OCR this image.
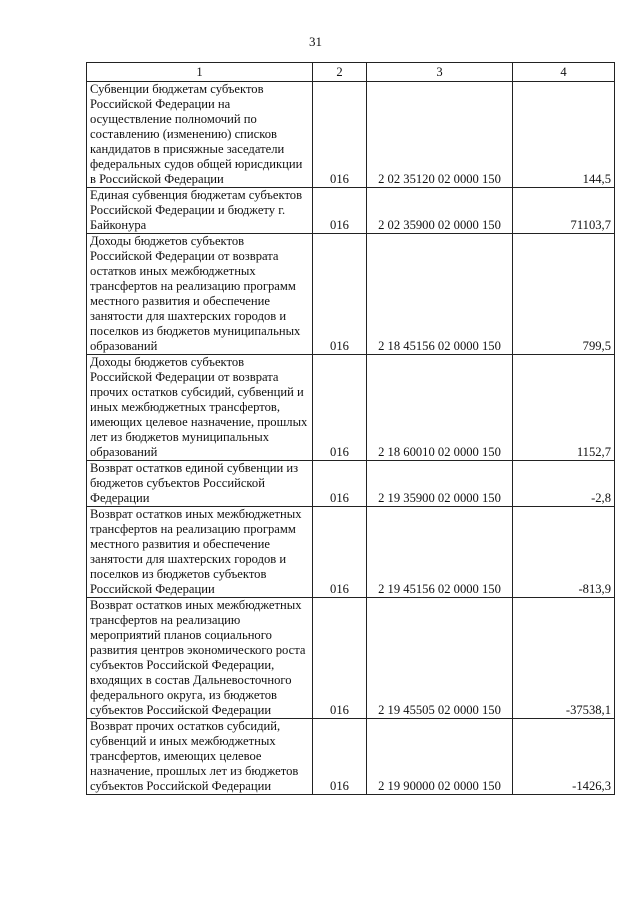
31
1	2	3	4
Субвенции бюджетам субъектов Российской Федерации на осуществление полномочий по составлению (изменению) списков кандидатов в присяжные заседатели федеральных судов общей юрисдикции в Российской Федерации	016	2 02 35120 02 0000 150	144,5
Единая субвенция бюджетам субъектов Российской Федерации и бюджету г. Байконура	016	2 02 35900 02 0000 150	71103,7
Доходы бюджетов субъектов Российской Федерации от возврата остатков иных межбюджетных трансфертов на реализацию программ местного развития и обеспечение занятости для шахтерских городов и поселков из бюджетов муниципальных образований	016	2 18 45156 02 0000 150	799,5
Доходы бюджетов субъектов Российской Федерации от возврата прочих остатков субсидий, субвенций и иных межбюджетных трансфертов, имеющих целевое назначение, прошлых лет из бюджетов муниципальных образований	016	2 18 60010 02 0000 150	1152,7
Возврат остатков единой субвенции из бюджетов субъектов Российской Федерации	016	2 19 35900 02 0000 150	-2,8
Возврат остатков иных межбюджетных трансфертов на реализацию программ местного развития и обеспечение занятости для шахтерских городов и поселков из бюджетов субъектов Российской Федерации	016	2 19 45156 02 0000 150	-813,9
Возврат остатков иных межбюджетных трансфертов на реализацию мероприятий планов социального развития центров экономического роста субъектов Российской Федерации, входящих в состав Дальневосточного федерального округа, из бюджетов субъектов Российской Федерации	016	2 19 45505 02 0000 150	-37538,1
Возврат прочих остатков субсидий, субвенций и иных межбюджетных трансфертов, имеющих целевое назначение, прошлых лет из бюджетов субъектов Российской Федерации	016	2 19 90000 02 0000 150	-1426,3
